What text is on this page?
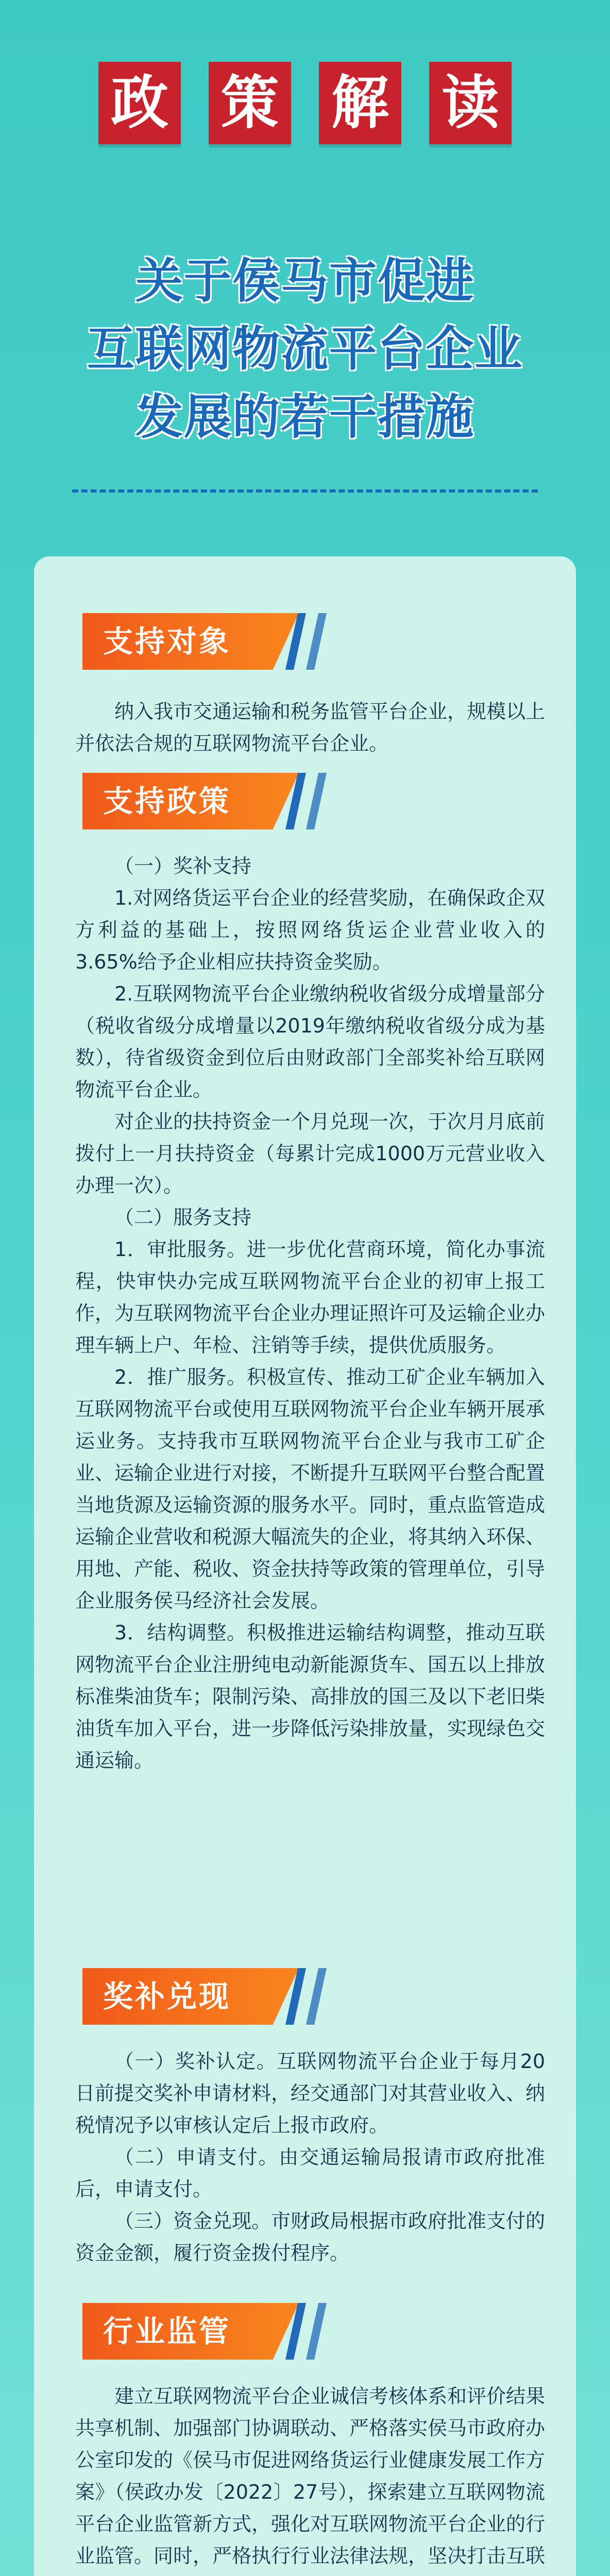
政 策 解 读
关于侯马市促进
互联网物流平台企业
发展的若干措施
支持对象

纳入我市交通运输和税务监管平台企业，规模以上并依法合规的互联网物流平台企业。

支持政策

（一）奖补支持

1.对网络货运平台企业的经营奖励，在确保政企双方利益的基础上，按照网络货运企业营业收入的3.65%给予企业相应扶持资金奖励。

2.互联网物流平台企业缴纳税收省级分成增量部分（税收省级分成增量以2019年缴纳税收省级分成为基数），待省级资金到位后由财政部门全部奖补给互联网物流平台企业。

对企业的扶持资金一个月兑现一次，于次月月底前拨付上一月扶持资金（每累计完成1000万元营业收入办理一次）。

（二）服务支持

1．审批服务。进一步优化营商环境，简化办事流程，快审快办完成互联网物流平台企业的初审上报工作，为互联网物流平台企业办理证照许可及运输企业办理车辆上户、年检、注销等手续，提供优质服务。

2．推广服务。积极宣传、推动工矿企业车辆加入互联网物流平台或使用互联网物流平台企业车辆开展承运业务。支持我市互联网物流平台企业与我市工矿企业、运输企业进行对接，不断提升互联网平台整合配置当地货源及运输资源的服务水平。同时，重点监管造成运输企业营收和税源大幅流失的企业，将其纳入环保、用地、产能、税收、资金扶持等政策的管理单位，引导企业服务侯马经济社会发展。

3．结构调整。积极推进运输结构调整，推动互联网物流平台企业注册纯电动新能源货车、国五以上排放标准柴油货车；限制污染、高排放的国三及以下老旧柴油货车加入平台，进一步降低污染排放量，实现绿色交通运输。

奖补兑现

（一）奖补认定。互联网物流平台企业于每月20日前提交奖补申请材料，经交通部门对其营业收入、纳税情况予以审核认定后上报市政府。

（二）申请支付。由交通运输局报请市政府批准后，申请支付。

（三）资金兑现。市财政局根据市政府批准支付的资金金额，履行资金拨付程序。

行业监管

建立互联网物流平台企业诚信考核体系和评价结果共享机制、加强部门协调联动、严格落实侯马市政府办公室印发的《侯马市促进网络货运行业健康发展工作方案》（侯政办发〔2022〕27号），探索建立互联网物流平台企业监管新方式，强化对互联网物流平台企业的行业监管。同时，严格执行行业法律法规，坚决打击互联
